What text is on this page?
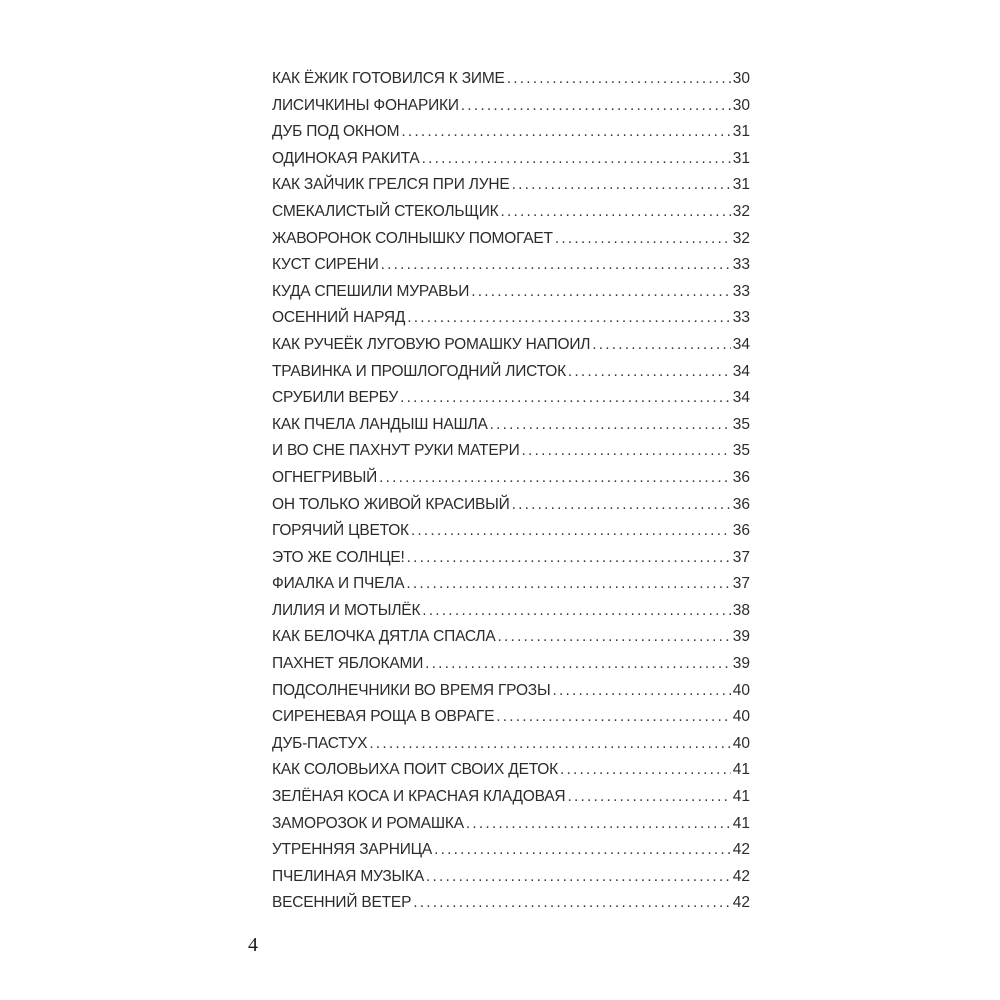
КАК ЁЖИК ГОТОВИЛСЯ К ЗИМЕ .....	30
ЛИСИЧКИНЫ ФОНАРИКИ .....	30
ДУБ ПОД ОКНОМ .....	31
ОДИНОКАЯ РАКИТА .....	31
КАК ЗАЙЧИК ГРЕЛСЯ ПРИ ЛУНЕ .....	31
СМЕКАЛИСТЫЙ СТЕКОЛЬЩИК .....	32
ЖАВОРОНОК СОЛНЫШКУ ПОМОГАЕТ .....	32
КУСТ СИРЕНИ .....	33
КУДА СПЕШИЛИ МУРАВЬИ .....	33
ОСЕННИЙ НАРЯД .....	33
КАК РУЧЕЁК ЛУГОВУЮ РОМАШКУ НАПОИЛ .....	34
ТРАВИНКА И ПРОШЛОГОДНИЙ ЛИСТОК .....	34
СРУБИЛИ ВЕРБУ .....	34
КАК ПЧЕЛА ЛАНДЫШ НАШЛА .....	35
И ВО СНЕ ПАХНУТ РУКИ МАТЕРИ .....	35
ОГНЕГРИВЫЙ .....	36
ОН ТОЛЬКО ЖИВОЙ КРАСИВЫЙ .....	36
ГОРЯЧИЙ ЦВЕТОК .....	36
ЭТО ЖЕ СОЛНЦЕ! .....	37
ФИАЛКА И ПЧЕЛА .....	37
ЛИЛИЯ И МОТЫЛЁК .....	38
КАК БЕЛОЧКА ДЯТЛА СПАСЛА .....	39
ПАХНЕТ ЯБЛОКАМИ .....	39
ПОДСОЛНЕЧНИКИ ВО ВРЕМЯ ГРОЗЫ .....	40
СИРЕНЕВАЯ РОЩА В ОВРАГЕ .....	40
ДУБ-ПАСТУХ .....	40
КАК СОЛОВЬИХА ПОИТ СВОИХ ДЕТОК .....	41
ЗЕЛЁНАЯ КОСА И КРАСНАЯ КЛАДОВАЯ .....	41
ЗАМОРОЗОК И РОМАШКА .....	41
УТРЕННЯЯ ЗАРНИЦА .....	42
ПЧЕЛИНАЯ МУЗЫКА .....	42
ВЕСЕННИЙ ВЕТЕР .....	42
4
